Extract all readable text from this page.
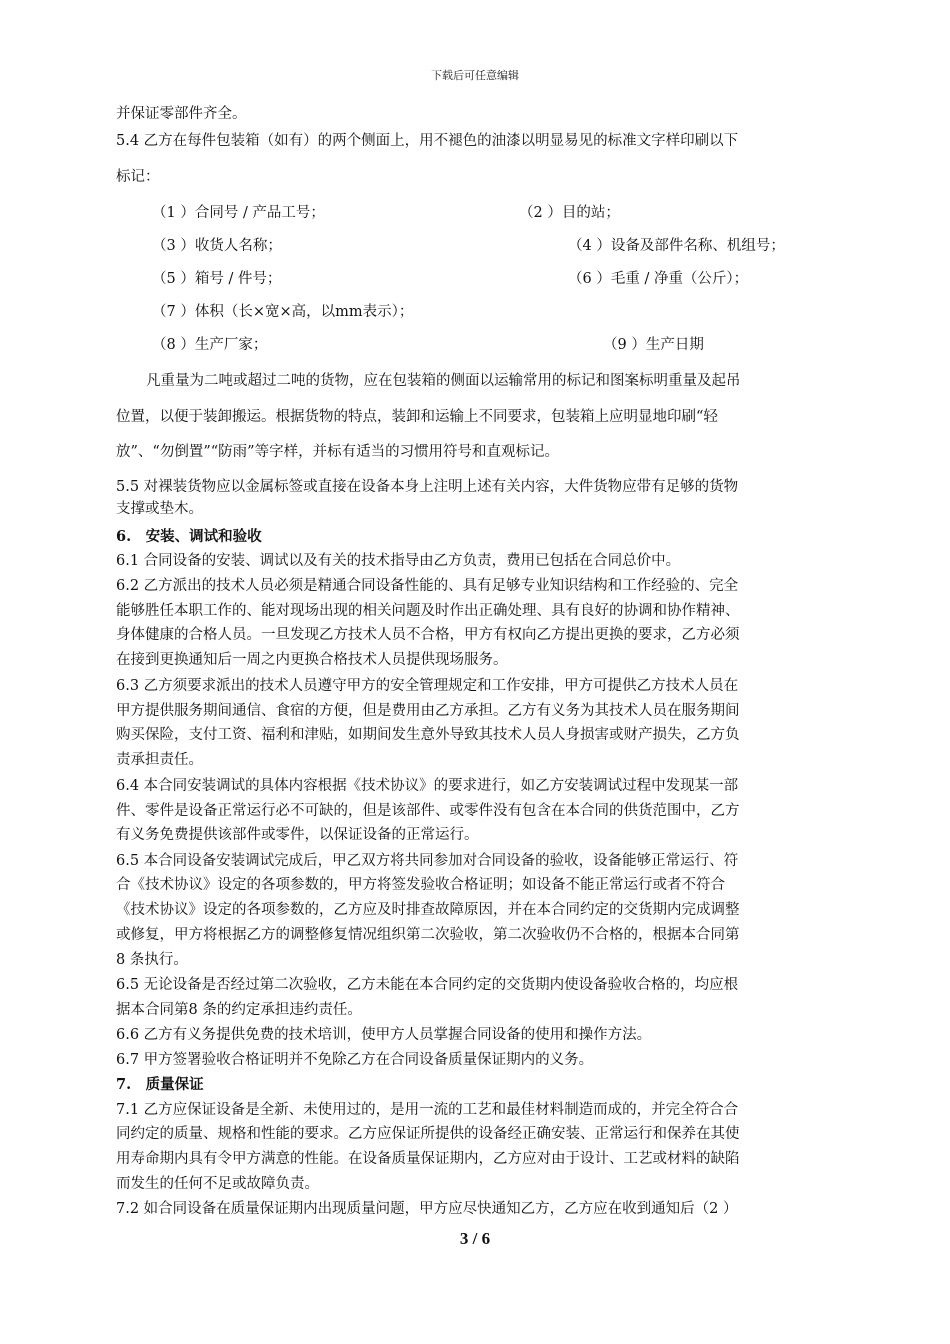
下载后可任意编辑
并保证零部件齐全。
5.4 乙方在每件包装箱（如有）的两个侧面上，用不褪色的油漆以明显易见的标准文字样印刷以下
标记：
（1 ）合同号 / 产品工号；	（2 ）目的站；
（3 ）收货人名称；	（4 ）设备及部件名称、机组号；
（5 ）箱号 / 件号；	（6 ）毛重 / 净重（公斤）；
（7 ）体积（长×宽×高，以mm表示）；
（8 ）生产厂家；	（9 ）生产日期
凡重量为二吨或超过二吨的货物，应在包装箱的侧面以运输常用的标记和图案标明重量及起吊
位置，以便于装卸搬运。根据货物的特点，装卸和运输上不同要求，包装箱上应明显地印刷“轻
放”、“勿倒置”“防雨”等字样，并标有适当的习惯用符号和直观标记。
5.5 对裸装货物应以金属标签或直接在设备本身上注明上述有关内容，大件货物应带有足够的货物
支撑或垫木。
6.　安装、调试和验收
6.1 合同设备的安装、调试以及有关的技术指导由乙方负责，费用已包括在合同总价中。
6.2 乙方派出的技术人员必须是精通合同设备性能的、具有足够专业知识结构和工作经验的、完全
能够胜任本职工作的、能对现场出现的相关问题及时作出正确处理、具有良好的协调和协作精神、
身体健康的合格人员。一旦发现乙方技术人员不合格，甲方有权向乙方提出更换的要求，乙方必须
在接到更换通知后一周之内更换合格技术人员提供现场服务。
6.3 乙方须要求派出的技术人员遵守甲方的安全管理规定和工作安排，甲方可提供乙方技术人员在
甲方提供服务期间通信、食宿的方便，但是费用由乙方承担。乙方有义务为其技术人员在服务期间
购买保险，支付工资、福利和津贴，如期间发生意外导致其技术人员人身损害或财产损失，乙方负
责承担责任。
6.4 本合同安装调试的具体内容根据《技术协议》的要求进行，如乙方安装调试过程中发现某一部
件、零件是设备正常运行必不可缺的，但是该部件、或零件没有包含在本合同的供货范围中，乙方
有义务免费提供该部件或零件，以保证设备的正常运行。
6.5 本合同设备安装调试完成后，甲乙双方将共同参加对合同设备的验收，设备能够正常运行、符
合《技术协议》设定的各项参数的，甲方将签发验收合格证明；如设备不能正常运行或者不符合
《技术协议》设定的各项参数的，乙方应及时排查故障原因，并在本合同约定的交货期内完成调整
或修复，甲方将根据乙方的调整修复情况组织第二次验收，第二次验收仍不合格的，根据本合同第
8 条执行。
6.5 无论设备是否经过第二次验收，乙方未能在本合同约定的交货期内使设备验收合格的，均应根
据本合同第8 条的约定承担违约责任。
6.6 乙方有义务提供免费的技术培训，使甲方人员掌握合同设备的使用和操作方法。
6.7 甲方签署验收合格证明并不免除乙方在合同设备质量保证期内的义务。
7.　质量保证
7.1 乙方应保证设备是全新、未使用过的，是用一流的工艺和最佳材料制造而成的，并完全符合合
同约定的质量、规格和性能的要求。乙方应保证所提供的设备经正确安装、正常运行和保养在其使
用寿命期内具有令甲方满意的性能。在设备质量保证期内，乙方应对由于设计、工艺或材料的缺陷
而发生的任何不足或故障负责。
7.2 如合同设备在质量保证期内出现质量问题，甲方应尽快通知乙方，乙方应在收到通知后（2 ）
3 / 6
